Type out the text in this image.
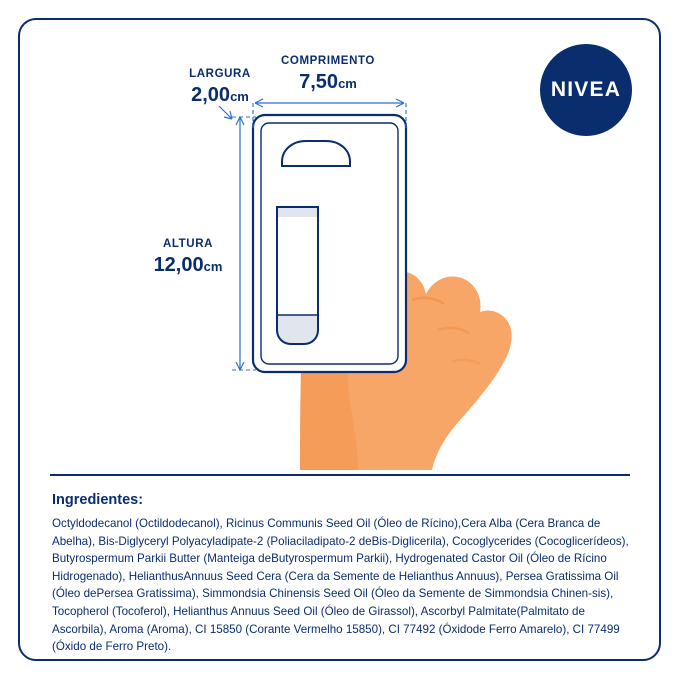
NIVEA
LARGURA
2,00cm
COMPRIMENTO
7,50cm
ALTURA
12,00cm
Ingredientes:
Octyldodecanol (Octildodecanol), Ricinus Communis Seed Oil (Óleo de Rícino),Cera Alba (Cera Branca de Abelha), Bis-Diglyceryl Polyacyladipate-2 (Poliaciladipato-2 deBis-Diglicerila), Cocoglycerides (Cocoglicerídeos), Butyrospermum Parkii Butter (Manteiga deButyrospermum Parkii), Hydrogenated Castor Oil (Óleo de Rícino Hidrogenado), HelianthusAnnuus Seed Cera (Cera da Semente de Helianthus Annuus), Persea Gratissima Oil (Óleo dePersea Gratissima), Simmondsia Chinensis Seed Oil (Óleo da Semente de Simmondsia Chinen-sis), Tocopherol (Tocoferol), Helianthus Annuus Seed Oil (Óleo de Girassol), Ascorbyl Palmitate(Palmitato de Ascorbila), Aroma (Aroma), CI 15850 (Corante Vermelho 15850), CI 77492 (Óxidode Ferro Amarelo), CI 77499 (Óxido de Ferro Preto).
